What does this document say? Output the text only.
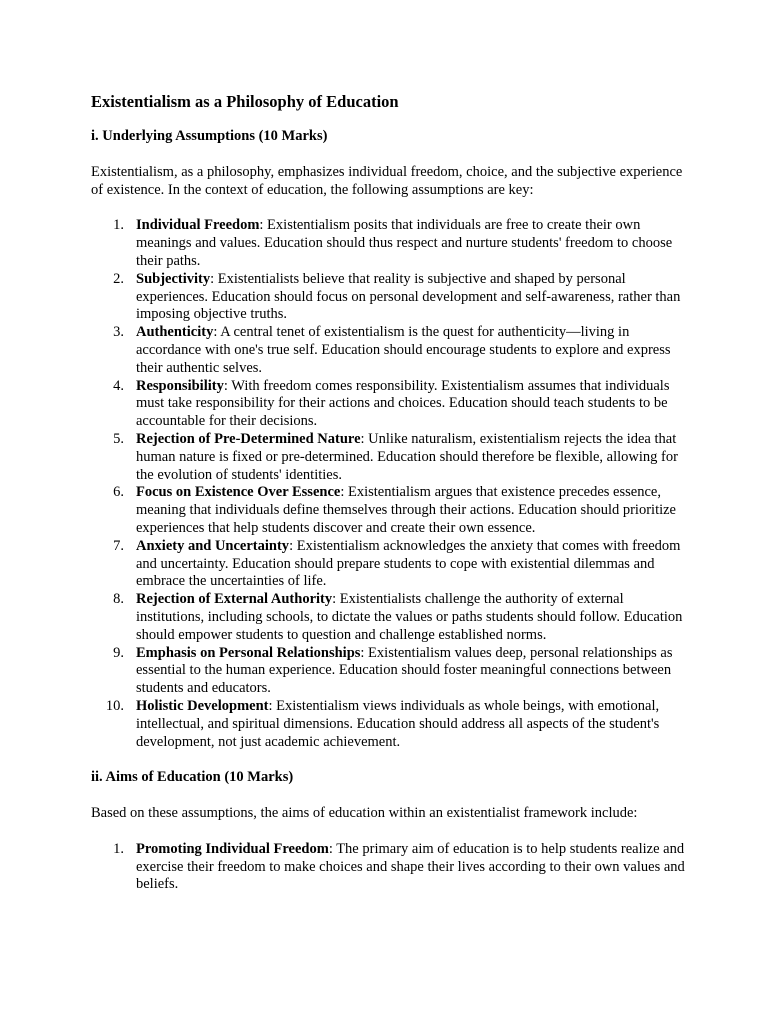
Existentialism as a Philosophy of Education
i. Underlying Assumptions (10 Marks)
Existentialism, as a philosophy, emphasizes individual freedom, choice, and the subjective experience of existence. In the context of education, the following assumptions are key:
1. Individual Freedom: Existentialism posits that individuals are free to create their own meanings and values. Education should thus respect and nurture students' freedom to choose their paths.
2. Subjectivity: Existentialists believe that reality is subjective and shaped by personal experiences. Education should focus on personal development and self-awareness, rather than imposing objective truths.
3. Authenticity: A central tenet of existentialism is the quest for authenticity—living in accordance with one's true self. Education should encourage students to explore and express their authentic selves.
4. Responsibility: With freedom comes responsibility. Existentialism assumes that individuals must take responsibility for their actions and choices. Education should teach students to be accountable for their decisions.
5. Rejection of Pre-Determined Nature: Unlike naturalism, existentialism rejects the idea that human nature is fixed or pre-determined. Education should therefore be flexible, allowing for the evolution of students' identities.
6. Focus on Existence Over Essence: Existentialism argues that existence precedes essence, meaning that individuals define themselves through their actions. Education should prioritize experiences that help students discover and create their own essence.
7. Anxiety and Uncertainty: Existentialism acknowledges the anxiety that comes with freedom and uncertainty. Education should prepare students to cope with existential dilemmas and embrace the uncertainties of life.
8. Rejection of External Authority: Existentialists challenge the authority of external institutions, including schools, to dictate the values or paths students should follow. Education should empower students to question and challenge established norms.
9. Emphasis on Personal Relationships: Existentialism values deep, personal relationships as essential to the human experience. Education should foster meaningful connections between students and educators.
10. Holistic Development: Existentialism views individuals as whole beings, with emotional, intellectual, and spiritual dimensions. Education should address all aspects of the student's development, not just academic achievement.
ii. Aims of Education (10 Marks)
Based on these assumptions, the aims of education within an existentialist framework include:
1. Promoting Individual Freedom: The primary aim of education is to help students realize and exercise their freedom to make choices and shape their lives according to their own values and beliefs.
